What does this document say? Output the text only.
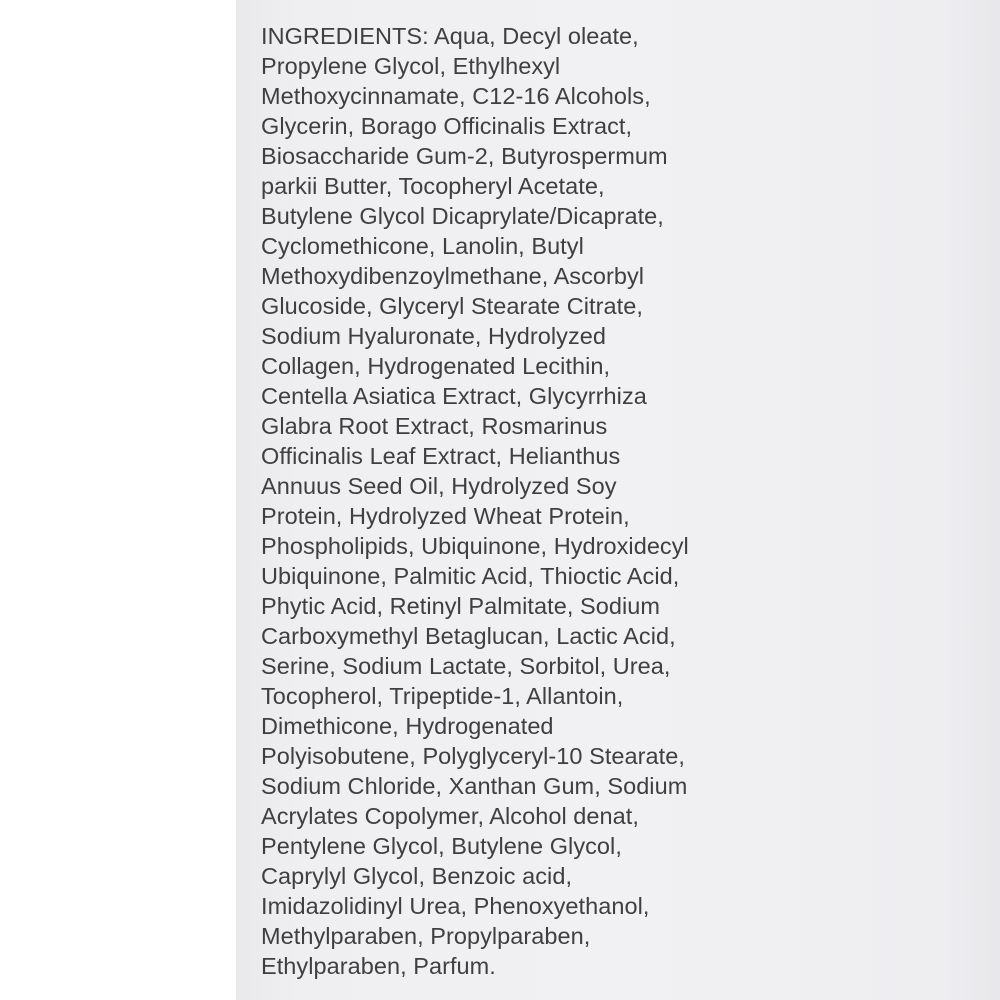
INGREDIENTS: Aqua, Decyl oleate,
Propylene Glycol, Ethylhexyl
Methoxycinnamate, C12-16 Alcohols,
Glycerin, Borago Officinalis Extract,
Biosaccharide Gum-2, Butyrospermum
parkii Butter, Tocopheryl Acetate,
Butylene Glycol Dicaprylate/Dicaprate,
Cyclomethicone, Lanolin, Butyl
Methoxydibenzoylmethane, Ascorbyl
Glucoside, Glyceryl Stearate Citrate,
Sodium Hyaluronate, Hydrolyzed
Collagen, Hydrogenated Lecithin,
Centella Asiatica Extract, Glycyrrhiza
Glabra Root Extract, Rosmarinus
Officinalis Leaf Extract, Helianthus
Annuus Seed Oil, Hydrolyzed Soy
Protein, Hydrolyzed Wheat Protein,
Phospholipids, Ubiquinone, Hydroxidecyl
Ubiquinone, Palmitic Acid, Thioctic Acid,
Phytic Acid, Retinyl Palmitate, Sodium
Carboxymethyl Betaglucan, Lactic Acid,
Serine, Sodium Lactate, Sorbitol, Urea,
Tocopherol, Tripeptide-1, Allantoin,
Dimethicone, Hydrogenated
Polyisobutene, Polyglyceryl-10 Stearate,
Sodium Chloride, Xanthan Gum, Sodium
Acrylates Copolymer, Alcohol denat,
Pentylene Glycol, Butylene Glycol,
Caprylyl Glycol, Benzoic acid,
Imidazolidinyl Urea, Phenoxyethanol,
Methylparaben, Propylparaben,
Ethylparaben, Parfum.
